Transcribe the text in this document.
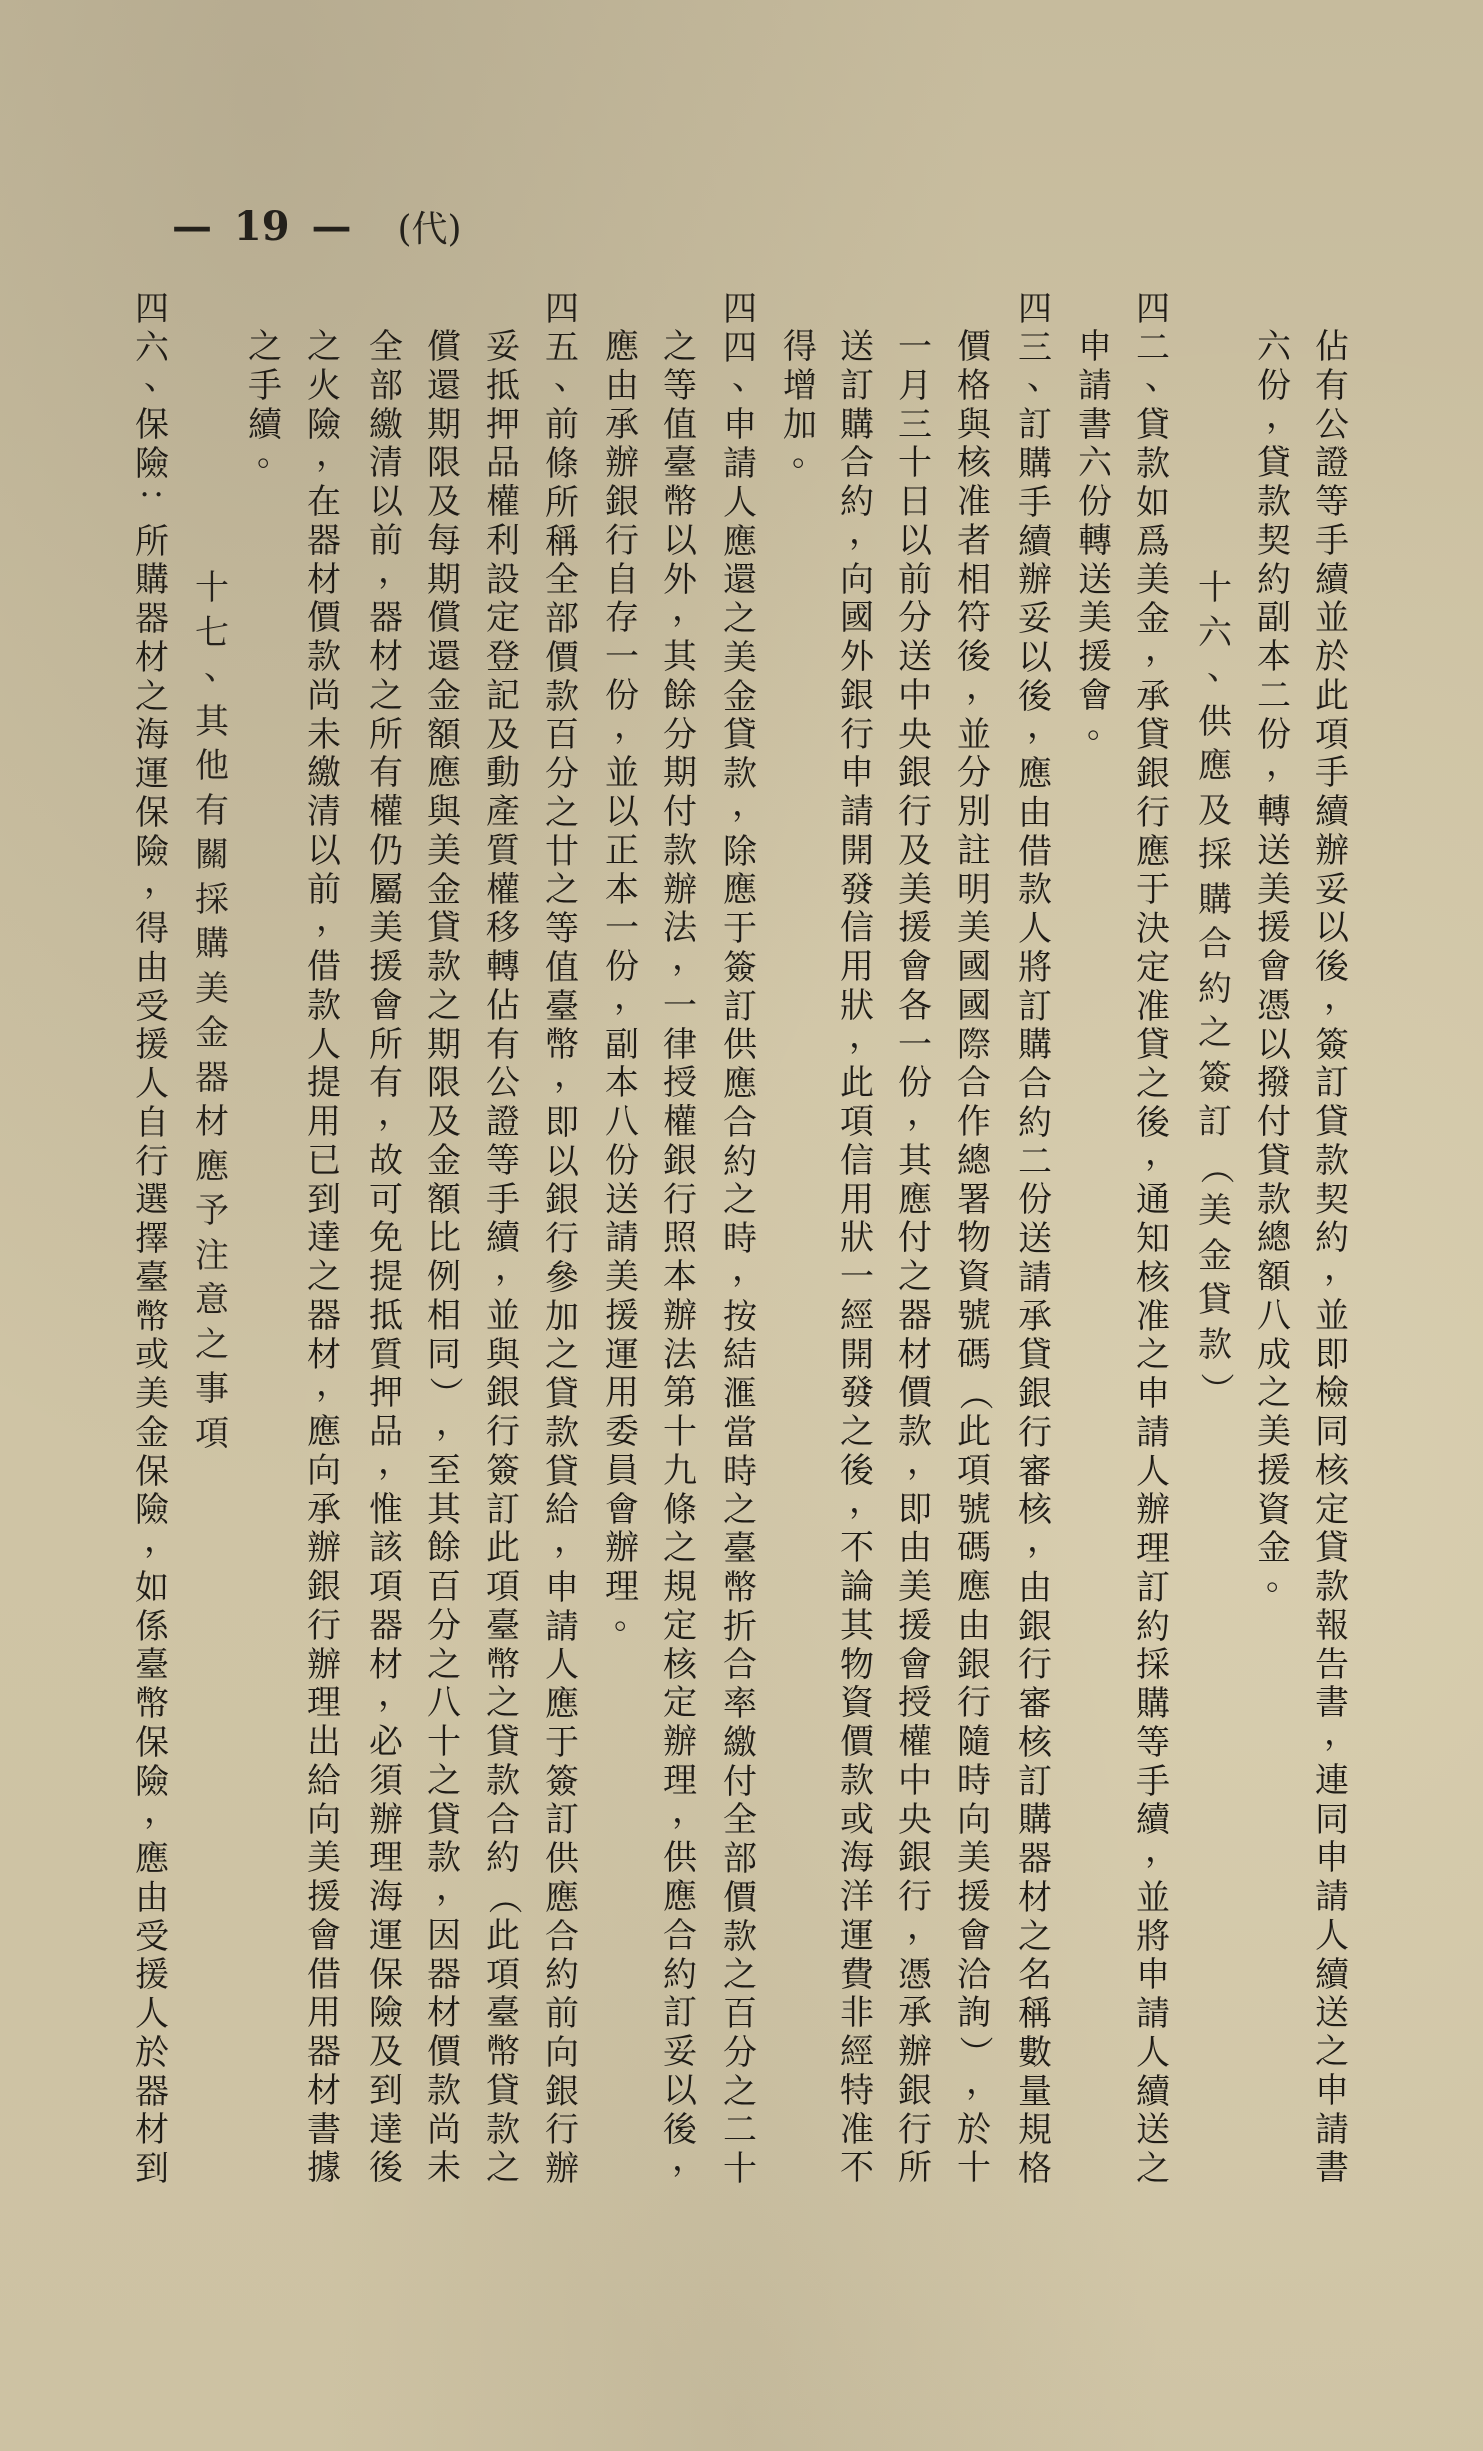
— 19 — (代)
佔
有
公
證
等
手
續
並
於
此
項
手
續
辦
妥
以
後
，
簽
訂
貸
款
契
約
，
並
即
檢
同
核
定
貸
款
報
告
書
，
連
同
申
請
人
續
送
之
申
請
書
六
份
，
貸
款
契
約
副
本
二
份
，
轉
送
美
援
會
憑
以
撥
付
貸
款
總
額
八
成
之
美
援
資
金
。
十
六
、
供
應
及
採
購
合
約
之
簽
訂
（
美
金
貸
款
）
四
二
、
貸
款
如
爲
美
金
，
承
貸
銀
行
應
于
決
定
准
貸
之
後
，
通
知
核
准
之
申
請
人
辦
理
訂
約
採
購
等
手
續
，
並
將
申
請
人
續
送
之
申
請
書
六
份
轉
送
美
援
會
。
四
三
、
訂
購
手
續
辦
妥
以
後
，
應
由
借
款
人
將
訂
購
合
約
二
份
送
請
承
貸
銀
行
審
核
，
由
銀
行
審
核
訂
購
器
材
之
名
稱
數
量
規
格
價
格
與
核
准
者
相
符
後
，
並
分
別
註
明
美
國
國
際
合
作
總
署
物
資
號
碼
（
此
項
號
碼
應
由
銀
行
隨
時
向
美
援
會
洽
詢
）
，
於
十
一
月
三
十
日
以
前
分
送
中
央
銀
行
及
美
援
會
各
一
份
，
其
應
付
之
器
材
價
款
，
即
由
美
援
會
授
權
中
央
銀
行
，
憑
承
辦
銀
行
所
送
訂
購
合
約
，
向
國
外
銀
行
申
請
開
發
信
用
狀
，
此
項
信
用
狀
一
經
開
發
之
後
，
不
論
其
物
資
價
款
或
海
洋
運
費
非
經
特
准
不
得
增
加
。
四
四
、
申
請
人
應
還
之
美
金
貸
款
，
除
應
于
簽
訂
供
應
合
約
之
時
，
按
結
滙
當
時
之
臺
幣
折
合
率
繳
付
全
部
價
款
之
百
分
之
二
十
之
等
值
臺
幣
以
外
，
其
餘
分
期
付
款
辦
法
，
一
律
授
權
銀
行
照
本
辦
法
第
十
九
條
之
規
定
核
定
辦
理
，
供
應
合
約
訂
妥
以
後
，
應
由
承
辦
銀
行
自
存
一
份
，
並
以
正
本
一
份
，
副
本
八
份
送
請
美
援
運
用
委
員
會
辦
理
。
四
五
、
前
條
所
稱
全
部
價
款
百
分
之
廿
之
等
值
臺
幣
，
即
以
銀
行
參
加
之
貸
款
貸
給
，
申
請
人
應
于
簽
訂
供
應
合
約
前
向
銀
行
辦
妥
抵
押
品
權
利
設
定
登
記
及
動
產
質
權
移
轉
佔
有
公
證
等
手
續
，
並
與
銀
行
簽
訂
此
項
臺
幣
之
貸
款
合
約
（
此
項
臺
幣
貸
款
之
償
還
期
限
及
每
期
償
還
金
額
應
與
美
金
貸
款
之
期
限
及
金
額
比
例
相
同
）
，
至
其
餘
百
分
之
八
十
之
貸
款
，
因
器
材
價
款
尚
未
全
部
繳
清
以
前
，
器
材
之
所
有
權
仍
屬
美
援
會
所
有
，
故
可
免
提
抵
質
押
品
，
惟
該
項
器
材
，
必
須
辦
理
海
運
保
險
及
到
達
後
之
火
險
，
在
器
材
價
款
尚
未
繳
清
以
前
，
借
款
人
提
用
已
到
達
之
器
材
，
應
向
承
辦
銀
行
辦
理
出
給
向
美
援
會
借
用
器
材
書
據
之
手
續
。
十
七
、
其
他
有
關
採
購
美
金
器
材
應
予
注
意
之
事
項
四
六
、
保
險
：
所
購
器
材
之
海
運
保
險
，
得
由
受
援
人
自
行
選
擇
臺
幣
或
美
金
保
險
，
如
係
臺
幣
保
險
，
應
由
受
援
人
於
器
材
到
